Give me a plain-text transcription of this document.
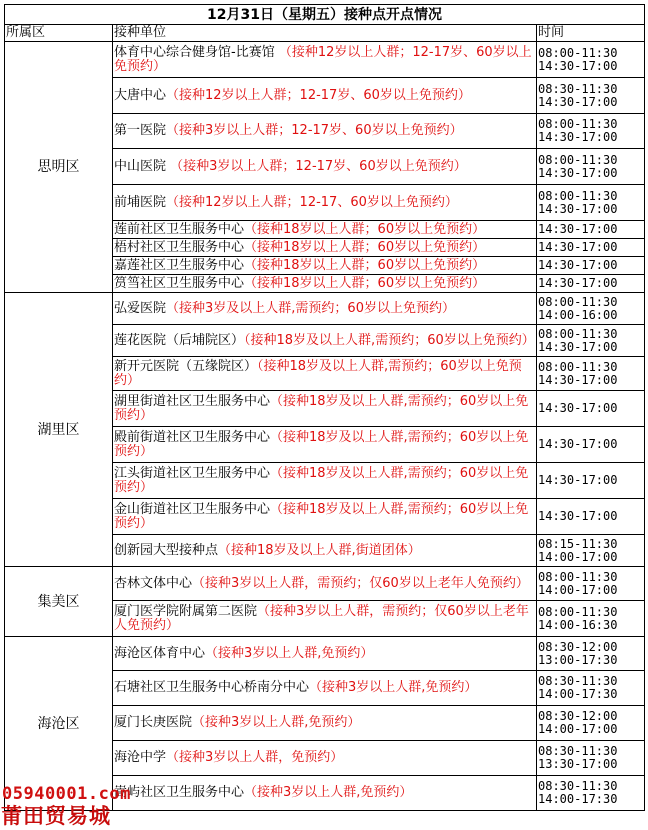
12月31日（星期五）接种点开点情况		
所属区	接种单位	时间
思明区	体育中心综合健身馆-比赛馆 （接种12岁以上人群；12-17岁、60岁以上免预约）	08:00-11:30
14:30-17:00
	大唐中心（接种12岁以上人群；12-17岁、60岁以上免预约）	08:30-11:30
14:30-17:00
	第一医院（接种3岁以上人群；12-17岁、60岁以上免预约）	08:00-11:30
14:30-17:00
	中山医院 （接种3岁以上人群；12-17岁、60岁以上免预约）	08:00-11:30
14:30-17:00
	前埔医院（接种12岁以上人群；12-17、60岁以上免预约）	08:00-11:30
14:30-17:00
	莲前社区卫生服务中心（接种18岁以上人群；60岁以上免预约）	14:30-17:00
	梧村社区卫生服务中心（接种18岁以上人群；60岁以上免预约）	14:30-17:00
	嘉莲社区卫生服务中心（接种18岁以上人群；60岁以上免预约）	14:30-17:00
	筼筜社区卫生服务中心（接种18岁以上人群；60岁以上免预约）	14:30-17:00
湖里区	弘爱医院（接种3岁及以上人群,需预约；60岁以上免预约）	08:00-11:30
14:00-16:00
	莲花医院（后埔院区）（接种18岁及以上人群,需预约；60岁以上免预约）	08:00-11:30
14:30-17:00
	新开元医院（五缘院区）（接种18岁及以上人群,需预约；60岁以上免预约）	08:00-11:30
14:30-17:00
	湖里街道社区卫生服务中心（接种18岁及以上人群,需预约；60岁以上免预约）	14:30-17:00
	殿前街道社区卫生服务中心（接种18岁及以上人群,需预约；60岁以上免预约）	14:30-17:00
	江头街道社区卫生服务中心（接种18岁及以上人群,需预约；60岁以上免预约）	14:30-17:00
	金山街道社区卫生服务中心（接种18岁及以上人群,需预约；60岁以上免预约）	14:30-17:00
	创新园大型接种点（接种18岁及以上人群,街道团体）	08:15-11:30
14:00-17:00
集美区	杏林文体中心（接种3岁以上人群，需预约；仅60岁以上老年人免预约）	08:00-11:30
14:00-17:00
	厦门医学院附属第二医院（接种3岁以上人群，需预约；仅60岁以上老年人免预约）	08:00-11:30
14:00-16:30
海沧区	海沧区体育中心（接种3岁以上人群,免预约）	08:30-12:00
13:00-17:30
	石塘社区卫生服务中心桥南分中心（接种3岁以上人群,免预约）	08:30-11:30
14:00-17:30
	厦门长庚医院（接种3岁以上人群,免预约）	08:30-12:00
14:00-17:00
	海沧中学（接种3岁以上人群，免预约）	08:30-11:30
13:30-17:00
	嵩屿社区卫生服务中心（接种3岁以上人群,免预约）	08:30-11:30
14:00-17:30
05940001.com
莆田贸易城
